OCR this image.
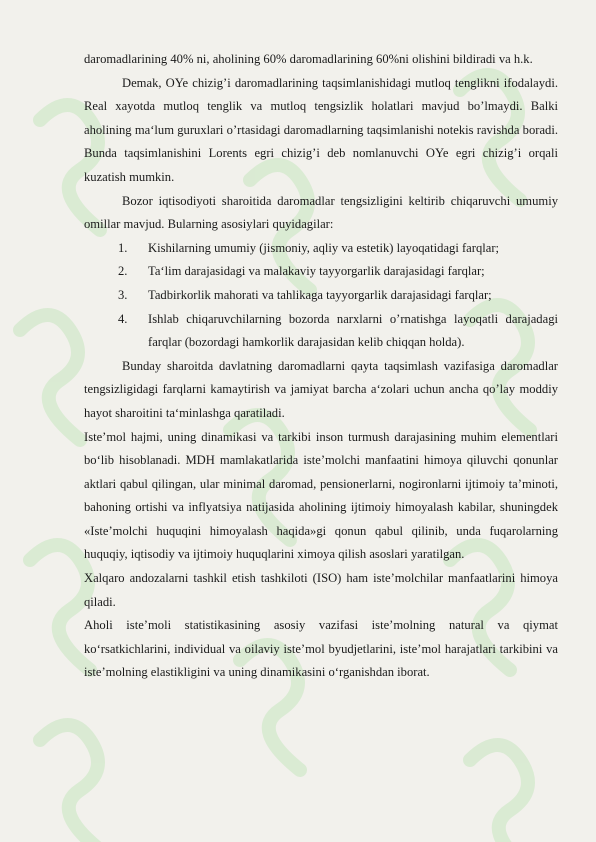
daromadlarining 40% ni, aholining 60% daromadlarining 60%ni olishini bildiradi va h.k.

Demak, OYe chizig’i daromadlarining taqsimlanishidagi mutloq tenglikni ifodalaydi. Real xayotda mutloq tenglik va mutloq tengsizlik holatlari mavjud bo’lmaydi. Balki aholining ma‘lum guruxlari o’rtasidagi daromadlarning taqsimlanishi notekis ravishda boradi. Bunda taqsimlanishini Lorents egri chizig’i deb nomlanuvchi OYe egri chizig’i orqali kuzatish mumkin.

Bozor iqtisodiyoti sharoitida daromadlar tengsizligini keltirib chiqaruvchi umumiy omillar mavjud. Bularning asosiylari quyidagilar:

1. Kishilarning umumiy (jismoniy, aqliy va estetik) layoqatidagi farqlar;
2. Ta‘lim darajasidagi va malakaviy tayyorgarlik darajasidagi farqlar;
3. Tadbirkorlik mahorati va tahlikaga tayyorgarlik darajasidagi farqlar;
4. Ishlab chiqaruvchilarning bozorda narxlarni o’rnatishga layoqatli darajadagi farqlar (bozordagi hamkorlik darajasidan kelib chiqqan holda).

Bunday sharoitda davlatning daromadlarni qayta taqsimlash vazifasiga daromadlar tengsizligidagi farqlarni kamaytirish va jamiyat barcha a‘zolari uchun ancha qo’lay moddiy hayot sharoitini ta‘minlashga qaratiladi.

Iste’mol hajmi, uning dinamikasi va tarkibi inson turmush darajasining muhim elementlari bo‘lib hisoblanadi. MDH mamlakatlarida iste’molchi manfaatini himoya qiluvchi qonunlar aktlari qabul qilingan, ular minimal daromad, pensionerlarni, nogironlarni ijtimoiy ta’minoti, bahoning ortishi va inflyatsiya natijasida aholining ijtimoiy himoyalash kabilar, shuningdek «Iste’molchi huquqini himoyalash haqida»gi qonun qabul qilinib, unda fuqarolarning huquqiy, iqtisodiy va ijtimoiy huquqlarini ximoya qilish asoslari yaratilgan.

Xalqaro andozalarni tashkil etish tashkiloti (ISO) ham iste’molchilar manfaatlarini himoya qiladi.

Aholi iste’moli statistikasining asosiy vazifasi iste’molning natural va qiymat ko‘rsatkichlarini, individual va oilaviy iste’mol byudjetlarini, iste’mol harajatlari tarkibini va iste’molning elastikligini va uning dinamikasini o‘rganishdan iborat.
